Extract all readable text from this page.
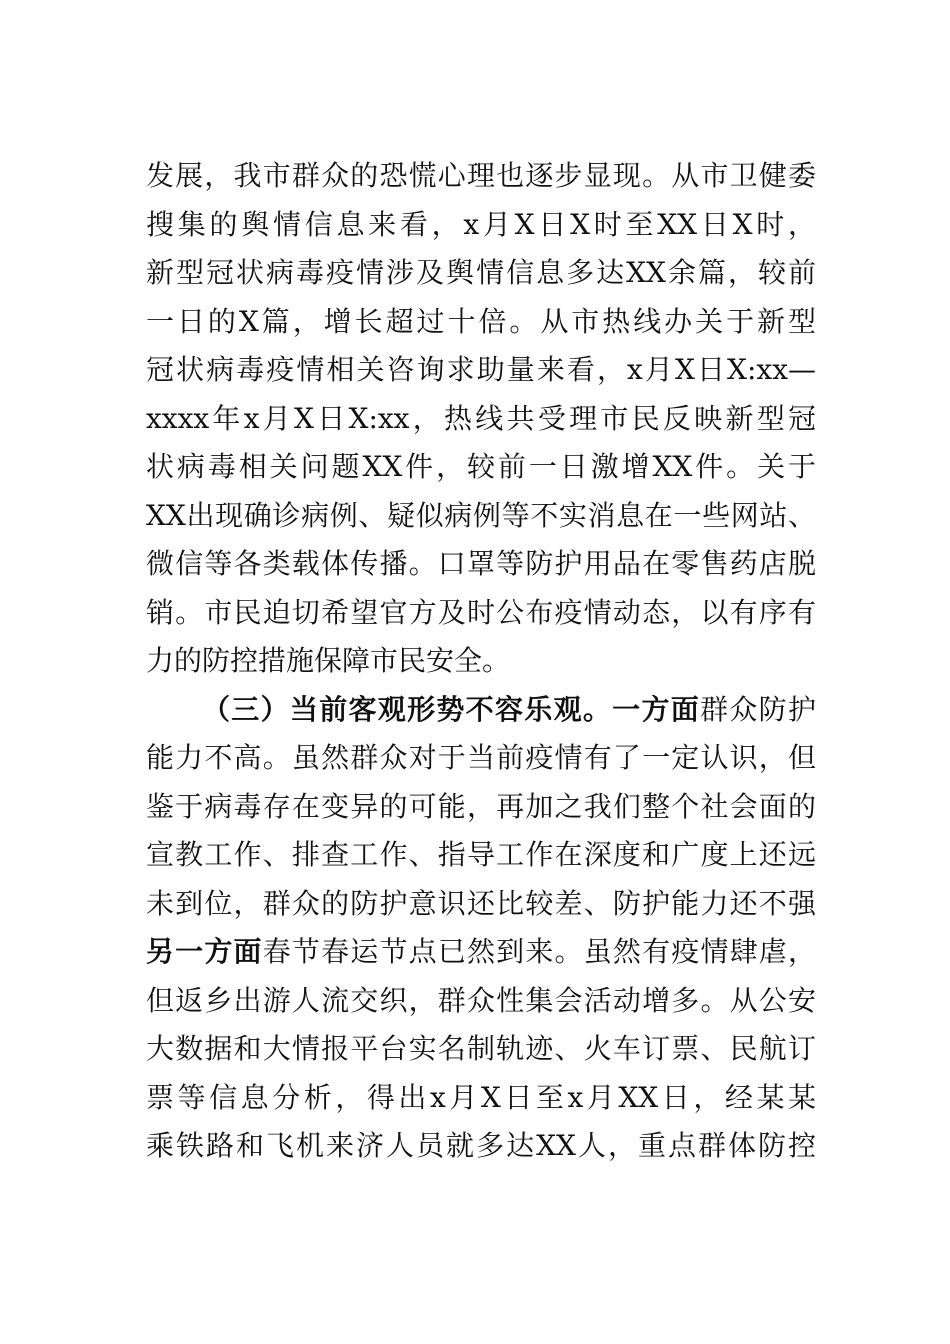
发展，我市群众的恐慌心理也逐步显现。从市卫健委
搜集的舆情信息来看，x月X日X时至XX日X时，
新型冠状病毒疫情涉及舆情信息多达XX余篇，较前
一日的X篇，增长超过十倍。从市热线办关于新型
冠状病毒疫情相关咨询求助量来看，x月X日X:xx—
xxxx年x月X日X:xx，热线共受理市民反映新型冠
状病毒相关问题XX件，较前一日激增XX件。关于
XX出现确诊病例、疑似病例等不实消息在一些网站、
微信等各类载体传播。口罩等防护用品在零售药店脱
销。市民迫切希望官方及时公布疫情动态，以有序有
力的防控措施保障市民安全。
（三）当前客观形势不容乐观。一方面群众防护
能力不高。虽然群众对于当前疫情有了一定认识，但
鉴于病毒存在变异的可能，再加之我们整个社会面的
宣教工作、排查工作、指导工作在深度和广度上还远
未到位，群众的防护意识还比较差、防护能力还不强
另一方面春节春运节点已然到来。虽然有疫情肆虐，
但返乡出游人流交织，群众性集会活动增多。从公安
大数据和大情报平台实名制轨迹、火车订票、民航订
票等信息分析，得出x月X日至x月XX日，经某某
乘铁路和飞机来济人员就多达XX人，重点群体防控
